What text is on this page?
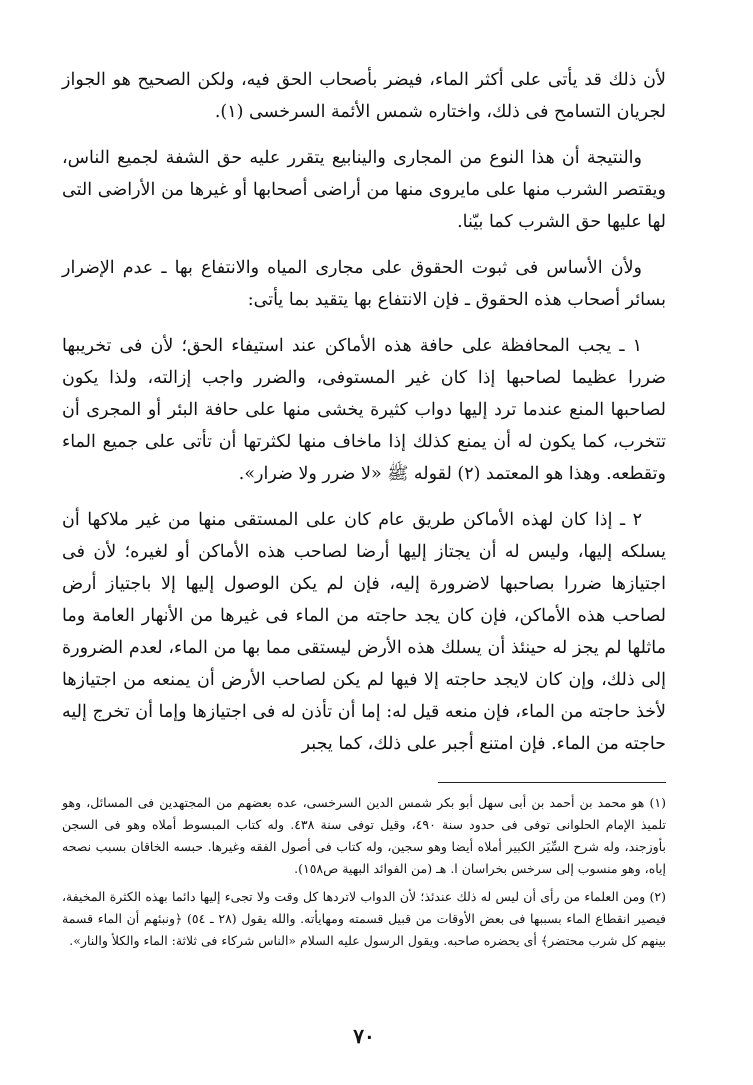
لأن ذلك قد يأتى على أكثر الماء، فيضر بأصحاب الحق فيه، ولكن الصحيح هو الجواز لجريان التسامح فى ذلك، واختاره شمس الأئمة السرخسى (١).

والنتيجة أن هذا النوع من المجارى والينابيع يتقرر عليه حق الشفة لجميع الناس، ويقتصر الشرب منها على مايروى منها من أراضى أصحابها أو غيرها من الأراضى التى لها عليها حق الشرب كما بيّنا.

ولأن الأساس فى ثبوت الحقوق على مجارى المياه والانتفاع بها ـ عدم الإضرار بسائر أصحاب هذه الحقوق ـ فإن الانتفاع بها يتقيد بما يأتى:

١ ـ يجب المحافظة على حافة هذه الأماكن عند استيفاء الحق؛ لأن فى تخريبها ضررا عظيما لصاحبها إذا كان غير المستوفى، والضرر واجب إزالته، ولذا يكون لصاحبها المنع عندما ترد إليها دواب كثيرة يخشى منها على حافة البئر أو المجرى أن تتخرب، كما يكون له أن يمنع كذلك إذا ماخاف منها لكثرتها أن تأتى على جميع الماء وتقطعه. وهذا هو المعتمد (٢) لقوله ﷺ «لا ضرر ولا ضرار».

٢ ـ إذا كان لهذه الأماكن طريق عام كان على المستقى منها من غير ملاكها أن يسلكه إليها، وليس له أن يجتاز إليها أرضا لصاحب هذه الأماكن أو لغيره؛ لأن فى اجتيازها ضررا بصاحبها لاضرورة إليه، فإن لم يكن الوصول إليها إلا باجتياز أرض لصاحب هذه الأماكن، فإن كان يجد حاجته من الماء فى غيرها من الأنهار العامة وما ماثلها لم يجز له حينئذ أن يسلك هذه الأرض ليستقى مما بها من الماء، لعدم الضرورة إلى ذلك، وإن كان لايجد حاجته إلا فيها لم يكن لصاحب الأرض أن يمنعه من اجتيازها لأخذ حاجته من الماء، فإن منعه قيل له: إما أن تأذن له فى اجتيازها وإما أن تخرج إليه حاجته من الماء. فإن امتنع أجبر على ذلك، كما يجبر

(١) هو محمد بن أحمد بن أبى سهل أبو بكر شمس الدين السرخسى، عده بعضهم من المجتهدين فى المسائل، وهو تلميذ الإمام الحلوانى توفى فى حدود سنة ٤٩٠، وقيل توفى سنة ٤٣٨. وله كتاب المبسوط أملاه وهو فى السجن بأوزجند، وله شرح السِّيَر الكبير أملاه أيضا وهو سجين، وله كتاب فى أصول الفقه وغيرها. حبسه الخاقان بسبب نصحه إياه، وهو منسوب إلى سرخس بخراسان ا. هـ (من الفوائد البهية ص١٥٨).

(٢) ومن العلماء من رأى أن ليس له ذلك عندئذ؛ لأن الدواب لاتردها كل وقت ولا تجىء إليها دائما بهذه الكثرة المخيفة، فيصير انقطاع الماء بسببها فى بعض الأوقات من قبيل قسمته ومهايأته. والله يقول (٢٨ ـ ٥٤) ﴿ونبئهم أن الماء قسمة بينهم كل شرب محتضر﴾ أى يحضره صاحبه. ويقول الرسول عليه السلام «الناس شركاء فى ثلاثة: الماء والكلأ والنار».

٧٠
